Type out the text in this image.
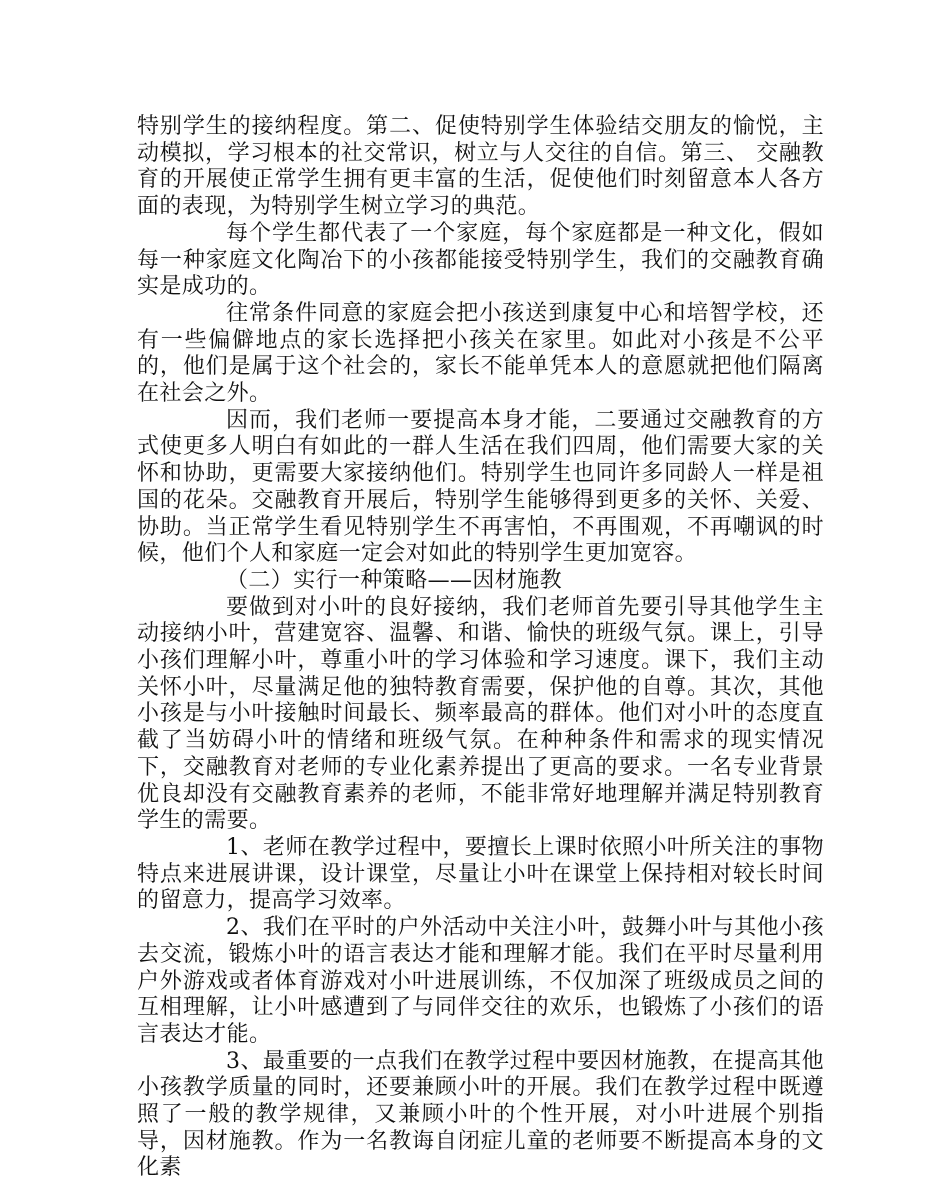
特别学生的接纳程度。第二、促使特别学生体验结交朋友的愉悦，主动模拟，学习根本的社交常识，树立与人交往的自信。第三、 交融教育的开展使正常学生拥有更丰富的生活，促使他们时刻留意本人各方面的表现，为特别学生树立学习的典范。

每个学生都代表了一个家庭，每个家庭都是一种文化，假如每一种家庭文化陶冶下的小孩都能接受特别学生，我们的交融教育确实是成功的。

往常条件同意的家庭会把小孩送到康复中心和培智学校，还有一些偏僻地点的家长选择把小孩关在家里。如此对小孩是不公平的，他们是属于这个社会的，家长不能单凭本人的意愿就把他们隔离在社会之外。

因而，我们老师一要提高本身才能，二要通过交融教育的方式使更多人明白有如此的一群人生活在我们四周，他们需要大家的关怀和协助，更需要大家接纳他们。特别学生也同许多同龄人一样是祖国的花朵。交融教育开展后，特别学生能够得到更多的关怀、关爱、协助。当正常学生看见特别学生不再害怕，不再围观，不再嘲讽的时候，他们个人和家庭一定会对如此的特别学生更加宽容。

（二）实行一种策略——因材施教

要做到对小叶的良好接纳，我们老师首先要引导其他学生主动接纳小叶，营建宽容、温馨、和谐、愉快的班级气氛。课上，引导小孩们理解小叶，尊重小叶的学习体验和学习速度。课下，我们主动关怀小叶，尽量满足他的独特教育需要，保护他的自尊。其次，其他小孩是与小叶接触时间最长、频率最高的群体。他们对小叶的态度直截了当妨碍小叶的情绪和班级气氛。在种种条件和需求的现实情况下，交融教育对老师的专业化素养提出了更高的要求。一名专业背景优良却没有交融教育素养的老师，不能非常好地理解并满足特别教育学生的需要。

1、老师在教学过程中，要擅长上课时依照小叶所关注的事物特点来进展讲课，设计课堂，尽量让小叶在课堂上保持相对较长时间的留意力，提高学习效率。

2、我们在平时的户外活动中关注小叶，鼓舞小叶与其他小孩去交流，锻炼小叶的语言表达才能和理解才能。我们在平时尽量利用户外游戏或者体育游戏对小叶进展训练，不仅加深了班级成员之间的互相理解，让小叶感遭到了与同伴交往的欢乐，也锻炼了小孩们的语言表达才能。

3、最重要的一点我们在教学过程中要因材施教，在提高其他小孩教学质量的同时，还要兼顾小叶的开展。我们在教学过程中既遵照了一般的教学规律，又兼顾小叶的个性开展，对小叶进展个别指导，因材施教。作为一名教诲自闭症儿童的老师要不断提高本身的文化素
